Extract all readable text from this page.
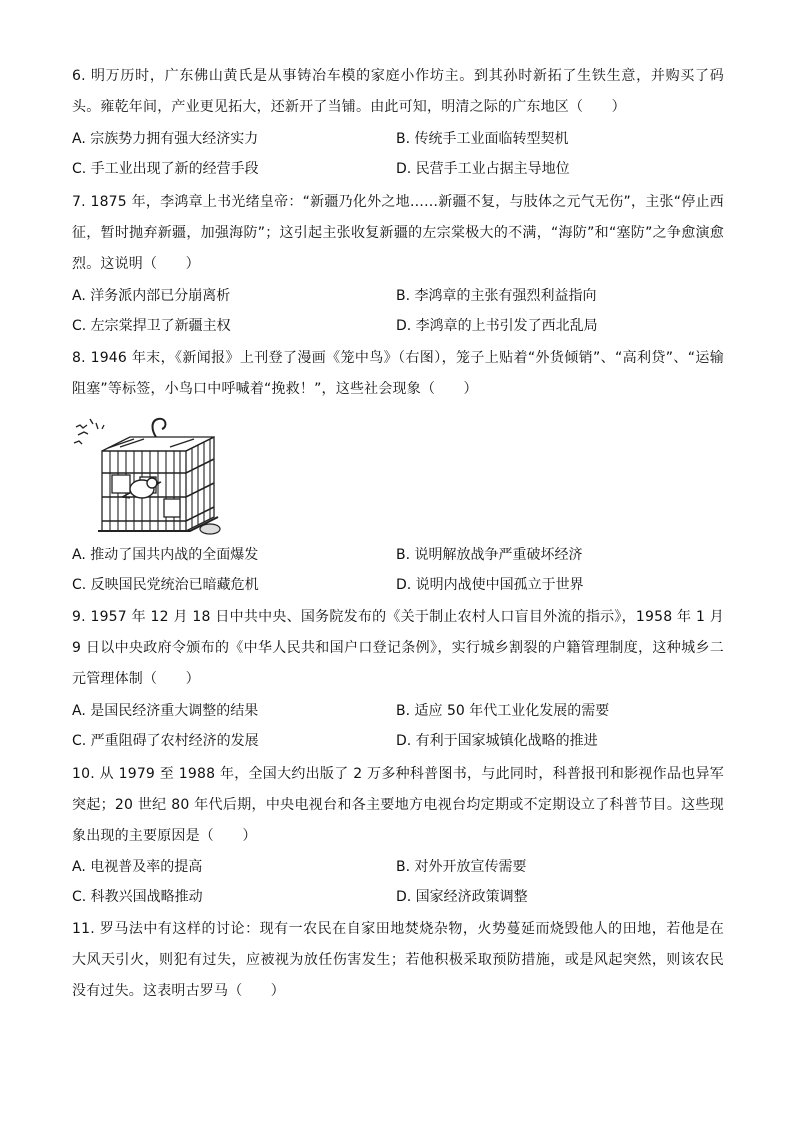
6. 明万历时，广东佛山黄氏是从事铸冶车模的家庭小作坊主。到其孙时新拓了生铁生意，并购买了码头。雍乾年间，产业更见拓大，还新开了当铺。由此可知，明清之际的广东地区（　　）

A. 宗族势力拥有强大经济实力	B. 传统手工业面临转型契机
C. 手工业出现了新的经营手段	D. 民营手工业占据主导地位

7. 1875 年，李鸿章上书光绪皇帝：“新疆乃化外之地……新疆不复，与肢体之元气无伤”，主张“停止西征，暂时抛弃新疆，加强海防”；这引起主张收复新疆的左宗棠极大的不满，“海防”和“塞防”之争愈演愈烈。这说明（　　）

A. 洋务派内部已分崩离析	B. 李鸿章的主张有强烈利益指向
C. 左宗棠捍卫了新疆主权	D. 李鸿章的上书引发了西北乱局

8. 1946 年末，《新闻报》上刊登了漫画《笼中鸟》（右图），笼子上贴着“外货倾销”、“高利贷”、“运输阻塞”等标签，小鸟口中呼喊着“挽救！”，这些社会现象（　　）

A. 推动了国共内战的全面爆发	B. 说明解放战争严重破坏经济
C. 反映国民党统治已暗藏危机	D. 说明内战使中国孤立于世界

9. 1957 年 12 月 18 日中共中央、国务院发布的《关于制止农村人口盲目外流的指示》，1958 年 1 月 9 日以中央政府令颁布的《中华人民共和国户口登记条例》，实行城乡割裂的户籍管理制度，这种城乡二元管理体制（　　）

A. 是国民经济重大调整的结果	B. 适应 50 年代工业化发展的需要
C. 严重阻碍了农村经济的发展	D. 有利于国家城镇化战略的推进

10. 从 1979 至 1988 年，全国大约出版了 2 万多种科普图书，与此同时，科普报刊和影视作品也异军突起；20 世纪 80 年代后期，中央电视台和各主要地方电视台均定期或不定期设立了科普节目。这些现象出现的主要原因是（　　）

A. 电视普及率的提高	B. 对外开放宣传需要
C. 科教兴国战略推动	D. 国家经济政策调整

11. 罗马法中有这样的讨论：现有一农民在自家田地焚烧杂物，火势蔓延而烧毁他人的田地，若他是在大风天引火，则犯有过失，应被视为放任伤害发生；若他积极采取预防措施，或是风起突然，则该农民没有过失。这表明古罗马（　　）
